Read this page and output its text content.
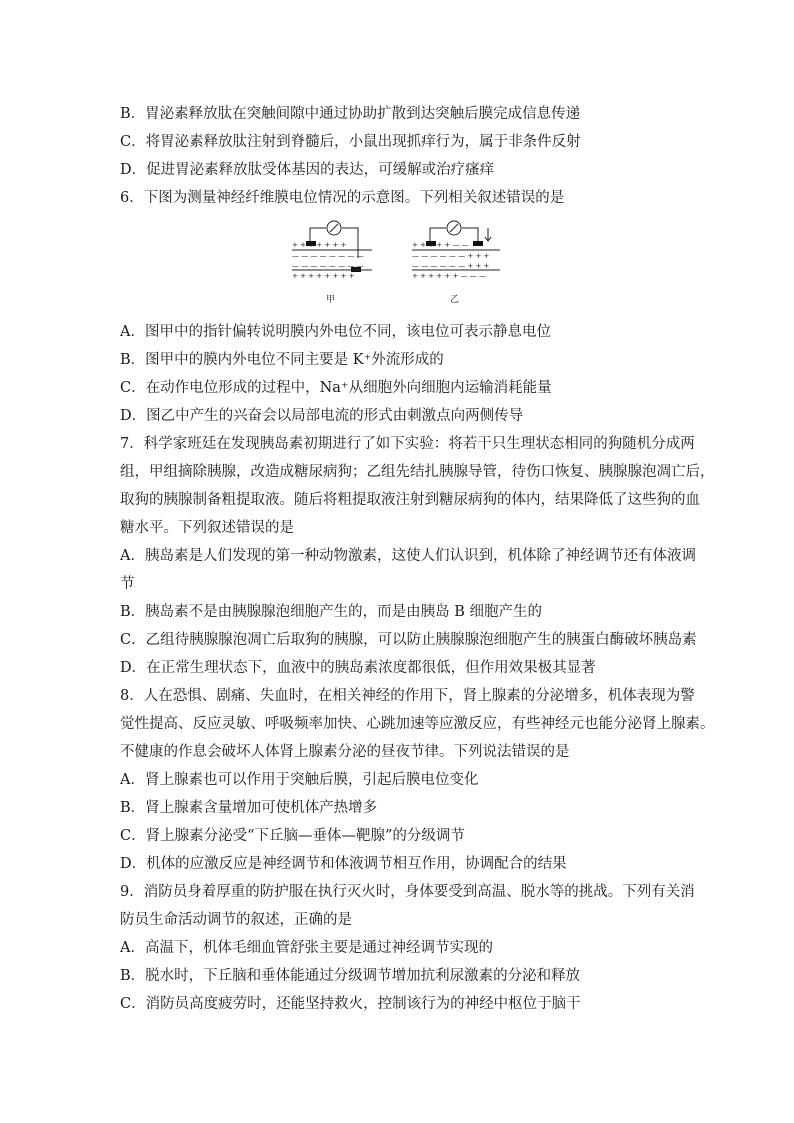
B．胃泌素释放肽在突触间隙中通过协助扩散到达突触后膜完成信息传递
C．将胃泌素释放肽注射到脊髓后，小鼠出现抓痒行为，属于非条件反射
D．促进胃泌素释放肽受体基因的表达，可缓解或治疗瘙痒
6．下图为测量神经纤维膜电位情况的示意图。下列相关叙述错误的是
+ + + + + + +
— — — — — — — —
— — — — — — — —
+ + + + + + + +
甲
+ + + + + — —
— — — — — — + + +
— — — — — — + + +
+ + + + + + — — —
乙
A．图甲中的指针偏转说明膜内外电位不同，该电位可表示静息电位
B．图甲中的膜内外电位不同主要是 K⁺外流形成的
C．在动作电位形成的过程中，Na⁺从细胞外向细胞内运输消耗能量
D．图乙中产生的兴奋会以局部电流的形式由刺激点向两侧传导
7．科学家班廷在发现胰岛素初期进行了如下实验：将若干只生理状态相同的狗随机分成两
组，甲组摘除胰腺，改造成糖尿病狗；乙组先结扎胰腺导管，待伤口恢复、胰腺腺泡凋亡后，
取狗的胰腺制备粗提取液。随后将粗提取液注射到糖尿病狗的体内，结果降低了这些狗的血
糖水平。下列叙述错误的是
A．胰岛素是人们发现的第一种动物激素，这使人们认识到，机体除了神经调节还有体液调
节
B．胰岛素不是由胰腺腺泡细胞产生的，而是由胰岛 B 细胞产生的
C．乙组待胰腺腺泡凋亡后取狗的胰腺，可以防止胰腺腺泡细胞产生的胰蛋白酶破坏胰岛素
D．在正常生理状态下，血液中的胰岛素浓度都很低，但作用效果极其显著
8．人在恐惧、剧痛、失血时，在相关神经的作用下，肾上腺素的分泌增多，机体表现为警
觉性提高、反应灵敏、呼吸频率加快、心跳加速等应激反应，有些神经元也能分泌肾上腺素。
不健康的作息会破坏人体肾上腺素分泌的昼夜节律。下列说法错误的是
A．肾上腺素也可以作用于突触后膜，引起后膜电位变化
B．肾上腺素含量增加可使机体产热增多
C．肾上腺素分泌受“下丘脑—垂体—靶腺”的分级调节
D．机体的应激反应是神经调节和体液调节相互作用，协调配合的结果
9．消防员身着厚重的防护服在执行灭火时，身体要受到高温、脱水等的挑战。下列有关消
防员生命活动调节的叙述，正确的是
A．高温下，机体毛细血管舒张主要是通过神经调节实现的
B．脱水时，下丘脑和垂体能通过分级调节增加抗利尿激素的分泌和释放
C．消防员高度疲劳时，还能坚持救火，控制该行为的神经中枢位于脑干
